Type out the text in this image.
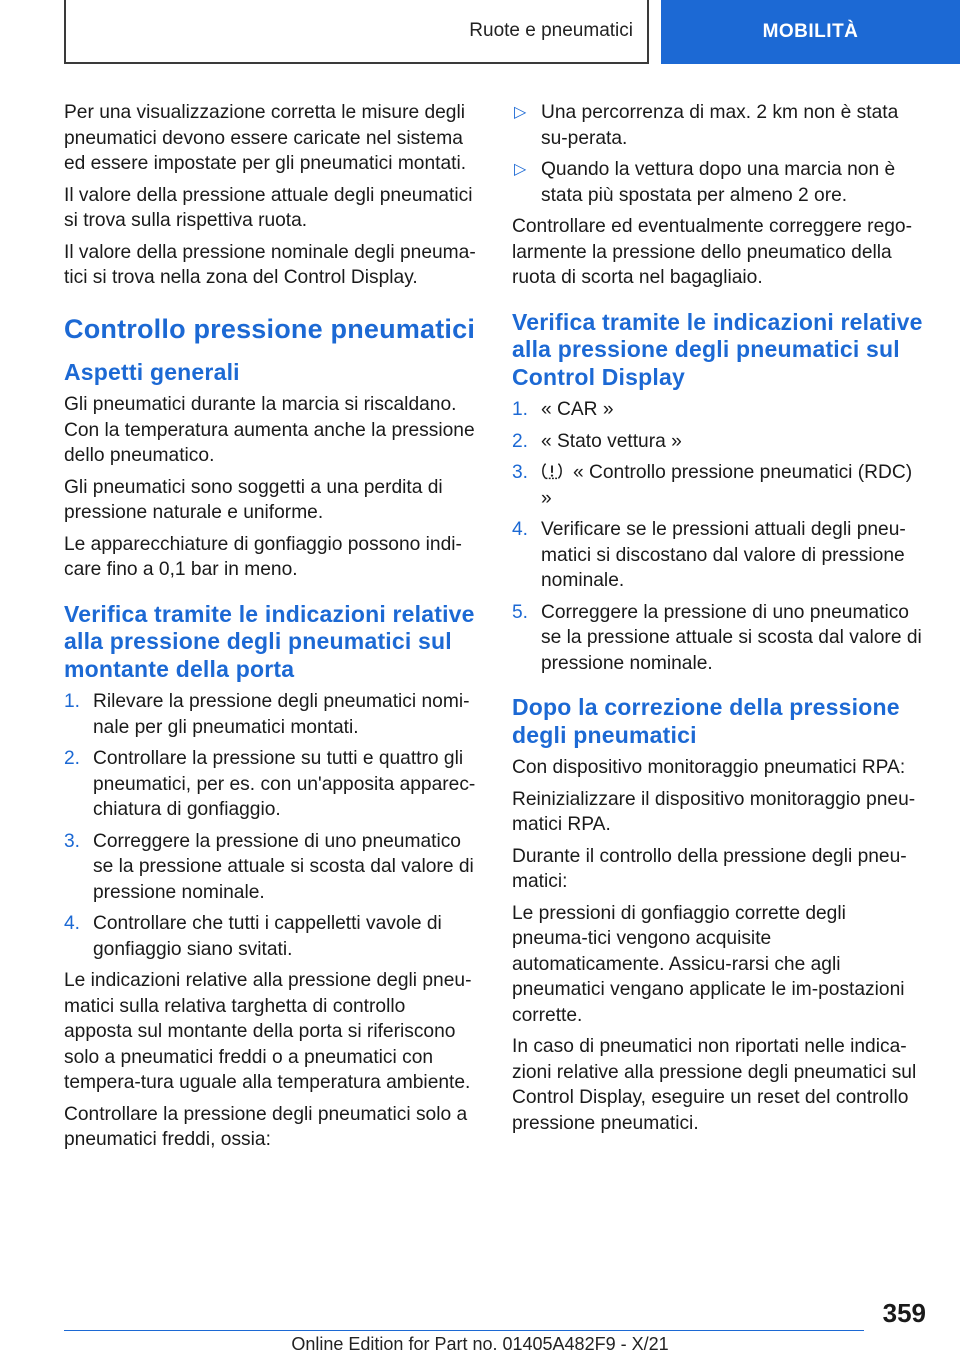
Ruote e pneumatici	MOBILITÀ

Per una visualizzazione corretta le misure degli pneumatici devono essere caricate nel sistema ed essere impostate per gli pneumatici montati.

Il valore della pressione attuale degli pneumatici si trova sulla rispettiva ruota.

Il valore della pressione nominale degli pneuma-tici si trova nella zona del Control Display.

Controllo pressione pneumatici
Aspetti generali

Gli pneumatici durante la marcia si riscaldano. Con la temperatura aumenta anche la pressione dello pneumatico.

Gli pneumatici sono soggetti a una perdita di pressione naturale e uniforme.

Le apparecchiature di gonfiaggio possono indi-care fino a 0,1 bar in meno.

Verifica tramite le indicazioni relative alla pressione degli pneumatici sul montante della porta
1. Rilevare la pressione degli pneumatici nomi-nale per gli pneumatici montati.
2. Controllare la pressione su tutti e quattro gli pneumatici, per es. con un'apposita apparec-chiatura di gonfiaggio.
3. Correggere la pressione di uno pneumatico se la pressione attuale si scosta dal valore di pressione nominale.
4. Controllare che tutti i cappelletti vavole di gonfiaggio siano svitati.

Le indicazioni relative alla pressione degli pneu-matici sulla relativa targhetta di controllo apposta sul montante della porta si riferiscono solo a pneumatici freddi o a pneumatici con tempera-tura uguale alla temperatura ambiente.

Controllare la pressione degli pneumatici solo a pneumatici freddi, ossia:

▷ Una percorrenza di max. 2 km non è stata su-perata.
▷ Quando la vettura dopo una marcia non è stata più spostata per almeno 2 ore.

Controllare ed eventualmente correggere rego-larmente la pressione dello pneumatico della ruota di scorta nel bagagliaio.

Verifica tramite le indicazioni relative alla pressione degli pneumatici sul Control Display
1. « CAR »
2. « Stato vettura »
3. « Controllo pressione pneumatici (RDC) »
4. Verificare se le pressioni attuali degli pneu-matici si discostano dal valore di pressione nominale.
5. Correggere la pressione di uno pneumatico se la pressione attuale si scosta dal valore di pressione nominale.
Dopo la correzione della pressione degli pneumatici

Con dispositivo monitoraggio pneumatici RPA:

Reinizializzare il dispositivo monitoraggio pneu-matici RPA.

Durante il controllo della pressione degli pneu-matici:

Le pressioni di gonfiaggio corrette degli pneuma-tici vengono acquisite automaticamente. Assicu-rarsi che agli pneumatici vengano applicate le im-postazioni corrette.

In caso di pneumatici non riportati nelle indica-zioni relative alla pressione degli pneumatici sul Control Display, eseguire un reset del controllo pressione pneumatici.

359
Online Edition for Part no. 01405A482F9 - X/21
